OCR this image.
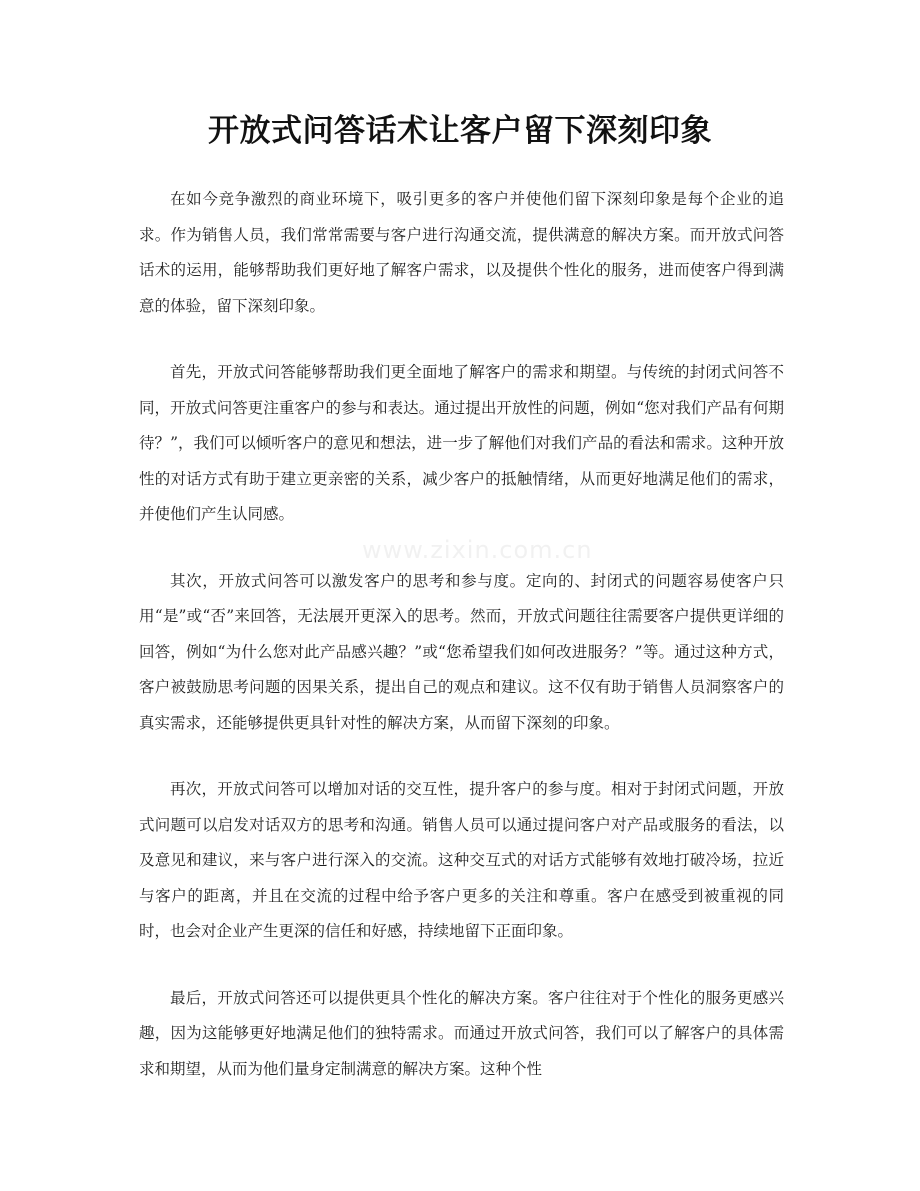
开放式问答话术让客户留下深刻印象
www.zixin.com.cn

在如今竞争激烈的商业环境下，吸引更多的客户并使他们留下深刻印象是每个企业的追求。作为销售人员，我们常常需要与客户进行沟通交流，提供满意的解决方案。而开放式问答话术的运用，能够帮助我们更好地了解客户需求，以及提供个性化的服务，进而使客户得到满意的体验，留下深刻印象。

首先，开放式问答能够帮助我们更全面地了解客户的需求和期望。与传统的封闭式问答不同，开放式问答更注重客户的参与和表达。通过提出开放性的问题，例如“您对我们产品有何期待？”，我们可以倾听客户的意见和想法，进一步了解他们对我们产品的看法和需求。这种开放性的对话方式有助于建立更亲密的关系，减少客户的抵触情绪，从而更好地满足他们的需求，并使他们产生认同感。

其次，开放式问答可以激发客户的思考和参与度。定向的、封闭式的问题容易使客户只用“是”或“否”来回答，无法展开更深入的思考。然而，开放式问题往往需要客户提供更详细的回答，例如“为什么您对此产品感兴趣？”或“您希望我们如何改进服务？”等。通过这种方式，客户被鼓励思考问题的因果关系，提出自己的观点和建议。这不仅有助于销售人员洞察客户的真实需求，还能够提供更具针对性的解决方案，从而留下深刻的印象。

再次，开放式问答可以增加对话的交互性，提升客户的参与度。相对于封闭式问题，开放式问题可以启发对话双方的思考和沟通。销售人员可以通过提问客户对产品或服务的看法，以及意见和建议，来与客户进行深入的交流。这种交互式的对话方式能够有效地打破冷场，拉近与客户的距离，并且在交流的过程中给予客户更多的关注和尊重。客户在感受到被重视的同时，也会对企业产生更深的信任和好感，持续地留下正面印象。

最后，开放式问答还可以提供更具个性化的解决方案。客户往往对于个性化的服务更感兴趣，因为这能够更好地满足他们的独特需求。而通过开放式问答，我们可以了解客户的具体需求和期望，从而为他们量身定制满意的解决方案。这种个性
